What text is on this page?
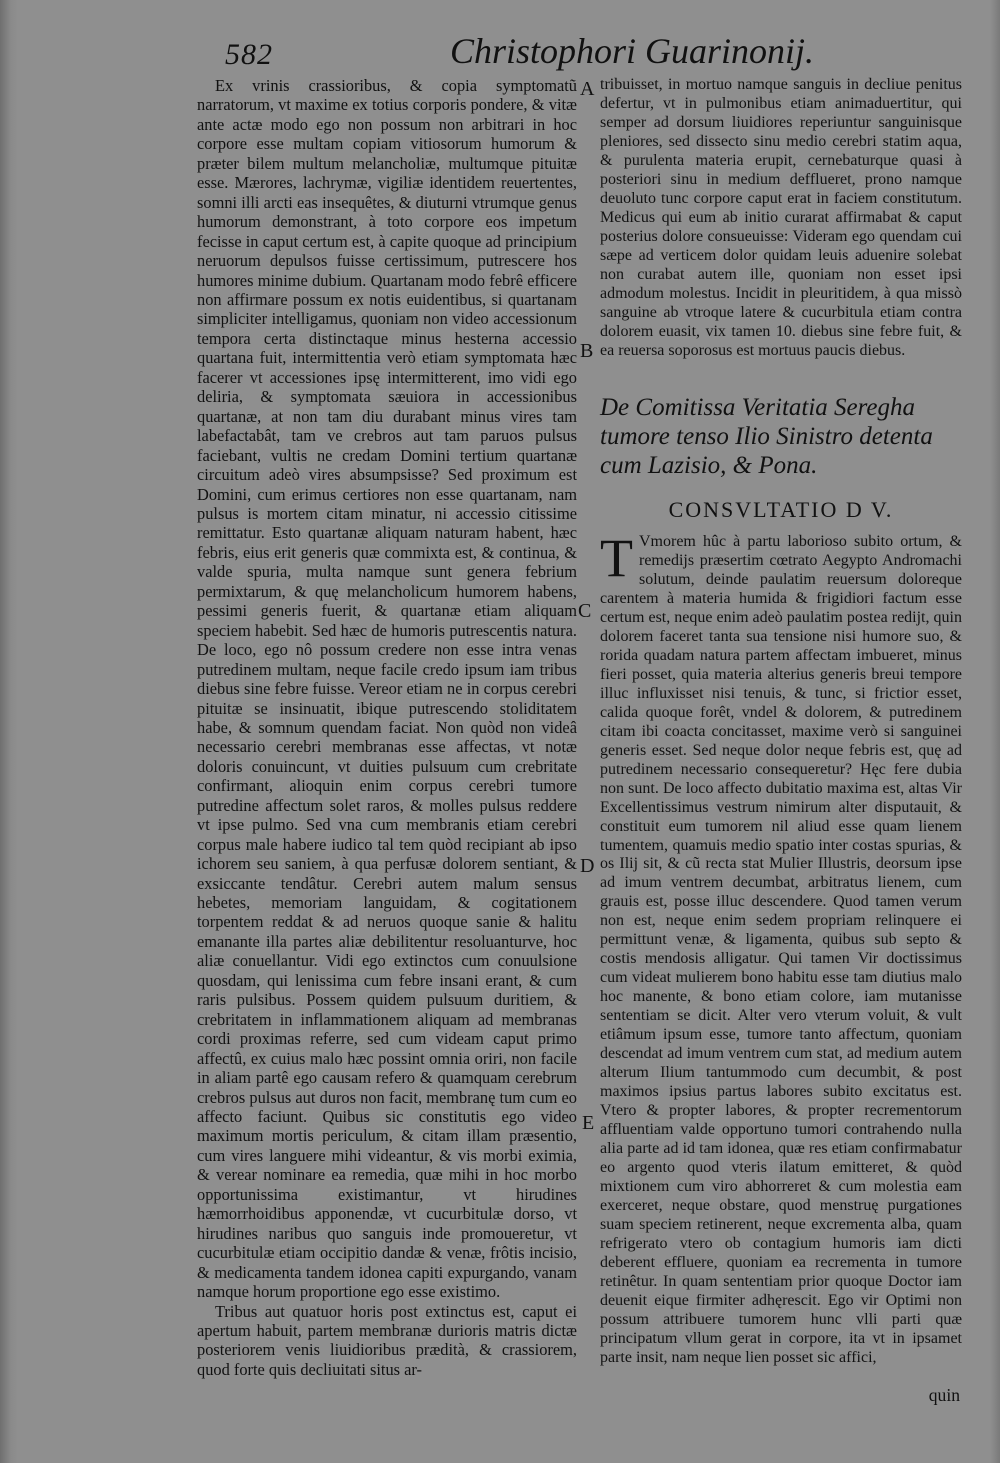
582	Christophori Guarinonij.
A
B
C
D
E

Ex vrinis crassioribus, & copia symptomatũ narratorum, vt maxime ex totius corporis pondere, & vitæ ante actæ modo ego non possum non arbitrari in hoc corpore esse multam copiam vitiosorum humorum & præter bilem multum melancholiæ, multumque pituitæ esse. Mærores, lachrymæ, vigiliæ identidem reuertentes, somni illi arcti eas insequêtes, & diuturni vtrumque genus humorum demonstrant, à toto corpore eos impetum fecisse in caput certum est, à capite quoque ad principium neruorum depulsos fuisse certissimum, putrescere hos humores minime dubium. Quartanam modo febrê efficere non affirmare possum ex notis euidentibus, si quartanam simpliciter intelligamus, quoniam non video accessionum tempora certa distinctaque minus hesterna accessio quartana fuit, intermittentia verò etiam symptomata hæc facerer vt accessiones ipsę intermitterent, imo vidi ego deliria, & symptomata sæuiora in accessionibus quartanæ, at non tam diu durabant minus vires tam labefactabât, tam ve crebros aut tam paruos pulsus faciebant, vultis ne credam Domini tertium quartanæ circuitum adeò vires absumpsisse? Sed proximum est Domini, cum erimus certiores non esse quartanam, nam pulsus is mortem citam minatur, ni accessio citissime remittatur. Esto quartanæ aliquam naturam habent, hæc febris, eius erit generis quæ commixta est, & continua, & valde spuria, multa namque sunt genera febrium permixtarum, & quę melancholicum humorem habens, pessimi generis fuerit, & quartanæ etiam aliquam speciem habebit. Sed hæc de humoris putrescentis natura. De loco, ego nô possum credere non esse intra venas putredinem multam, neque facile credo ipsum iam tribus diebus sine febre fuisse. Vereor etiam ne in corpus cerebri pituitæ se insinuatit, ibique putrescendo stoliditatem habe, & somnum quendam faciat. Non quòd non videâ necessario cerebri membranas esse affectas, vt notæ doloris conuincunt, vt duities pulsuum cum crebritate confirmant, alioquin enim corpus cerebri tumore putredine affectum solet raros, & molles pulsus reddere vt ipse pulmo. Sed vna cum membranis etiam cerebri corpus male habere iudico tal tem quòd recipiant ab ipso ichorem seu saniem, à qua perfusæ dolorem sentiant, & exsiccante tendâtur. Cerebri autem malum sensus hebetes, memoriam languidam, & cogitationem torpentem reddat & ad neruos quoque sanie & halitu emanante illa partes aliæ debilitentur resoluanturve, hoc aliæ conuellantur. Vidi ego extinctos cum conuulsione quosdam, qui lenissima cum febre insani erant, & cum raris pulsibus. Possem quidem pulsuum duritiem, & crebritatem in inflammationem aliquam ad membranas cordi proximas referre, sed cum videam caput primo affectû, ex cuius malo hæc possint omnia oriri, non facile in aliam partê ego causam refero & quamquam cerebrum crebros pulsus aut duros non facit, membranę tum cum eo affecto faciunt. Quibus sic constitutis ego video maximum mortis periculum, & citam illam præsentio, cum vires languere mihi videantur, & vis morbi eximia, & verear nominare ea remedia, quæ mihi in hoc morbo opportunissima existimantur, vt hirudines hæmorrhoidibus apponendæ, vt cucurbitulæ dorso, vt hirudines naribus quo sanguis inde promoueretur, vt cucurbitulæ etiam occipitio dandæ & venæ, frôtis incisio, & medicamenta tandem idonea capiti expurgando, vanam namque horum proportione ego esse existimo.

Tribus aut quatuor horis post extinctus est, caput ei apertum habuit, partem membranæ durioris matris dictæ posteriorem venis liuidioribus prædità, & crassiorem, quod forte quis decliuitati situs ar-

tribuisset, in mortuo namque sanguis in decliue penitus defertur, vt in pulmonibus etiam animaduertitur, qui semper ad dorsum liuidiores reperiuntur sanguinisque pleniores, sed dissecto sinu medio cerebri statim aqua, & purulenta materia erupit, cernebaturque quasi à posteriori sinu in medium defflueret, prono namque deuoluto tunc corpore caput erat in faciem constitutum. Medicus qui eum ab initio curarat affirmabat & caput posterius dolore consueuisse: Videram ego quendam cui sæpe ad verticem dolor quidam leuis aduenire solebat non curabat autem ille, quoniam non esset ipsi admodum molestus. Incidit in pleuritidem, à qua missò sanguine ab vtroque latere & cucurbitula etiam contra dolorem euasit, vix tamen 10. diebus sine febre fuit, & ea reuersa soporosus est mortuus paucis diebus.

De Comitissa Veritatia Seregha tumore tenso Ilio Sinistro detenta cum Lazisio, & Pona.

CONSVLTATIO D V.

T Vmorem hûc à partu laborioso subito ortum, & remedijs præsertim cœtrato Aegypto Andromachi solutum, deinde paulatim reuersum doloreque carentem à materia humida & frigidiori factum esse certum est, neque enim adeò paulatim postea redijt, quin dolorem faceret tanta sua tensione nisi humore suo, & rorida quadam natura partem affectam imbueret, minus fieri posset, quia materia alterius generis breui tempore illuc influxisset nisi tenuis, & tunc, si frictior esset, calida quoque forêt, vndel & dolorem, & putredinem citam ibi coacta concitasset, maxime verò si sanguinei generis esset. Sed neque dolor neque febris est, quę ad putredinem necessario consequeretur? Hęc fere dubia non sunt. De loco affecto dubitatio maxima est, altas Vir Excellentissimus vestrum nimirum alter disputauit, & constituit eum tumorem nil aliud esse quam lienem tumentem, quamuis medio spatio inter costas spurias, & os Ilij sit, & cũ recta stat Mulier Illustris, deorsum ipse ad imum ventrem decumbat, arbitratus lienem, cum grauis est, posse illuc descendere. Quod tamen verum non est, neque enim sedem propriam relinquere ei permittunt venæ, & ligamenta, quibus sub septo & costis mendosis alligatur. Qui tamen Vir doctissimus cum videat mulierem bono habitu esse tam diutius malo hoc manente, & bono etiam colore, iam mutanisse sententiam se dicit. Alter vero vterum voluit, & vult etiâmum ipsum esse, tumore tanto affectum, quoniam descendat ad imum ventrem cum stat, ad medium autem alterum Ilium tantummodo cum decumbit, & post maximos ipsius partus labores subito excitatus est. Vtero & propter labores, & propter recrementorum affluentiam valde opportuno tumori contrahendo nulla alia parte ad id tam idonea, quæ res etiam confirmabatur eo argento quod vteris ilatum emitteret, & quòd mixtionem cum viro abhorreret & cum molestia eam exerceret, neque obstare, quod menstruę purgationes suam speciem retinerent, neque excrementa alba, quam refrigerato vtero ob contagium humoris iam dicti deberent effluere, quoniam ea recrementa in tumore retinêtur. In quam sententiam prior quoque Doctor iam deuenit eique firmiter adhęrescit. Ego vir Optimi non possum attribuere tumorem hunc vlli parti quæ principatum vllum gerat in corpore, ita vt in ipsamet parte insit, nam neque lien posset sic affici,

quin
